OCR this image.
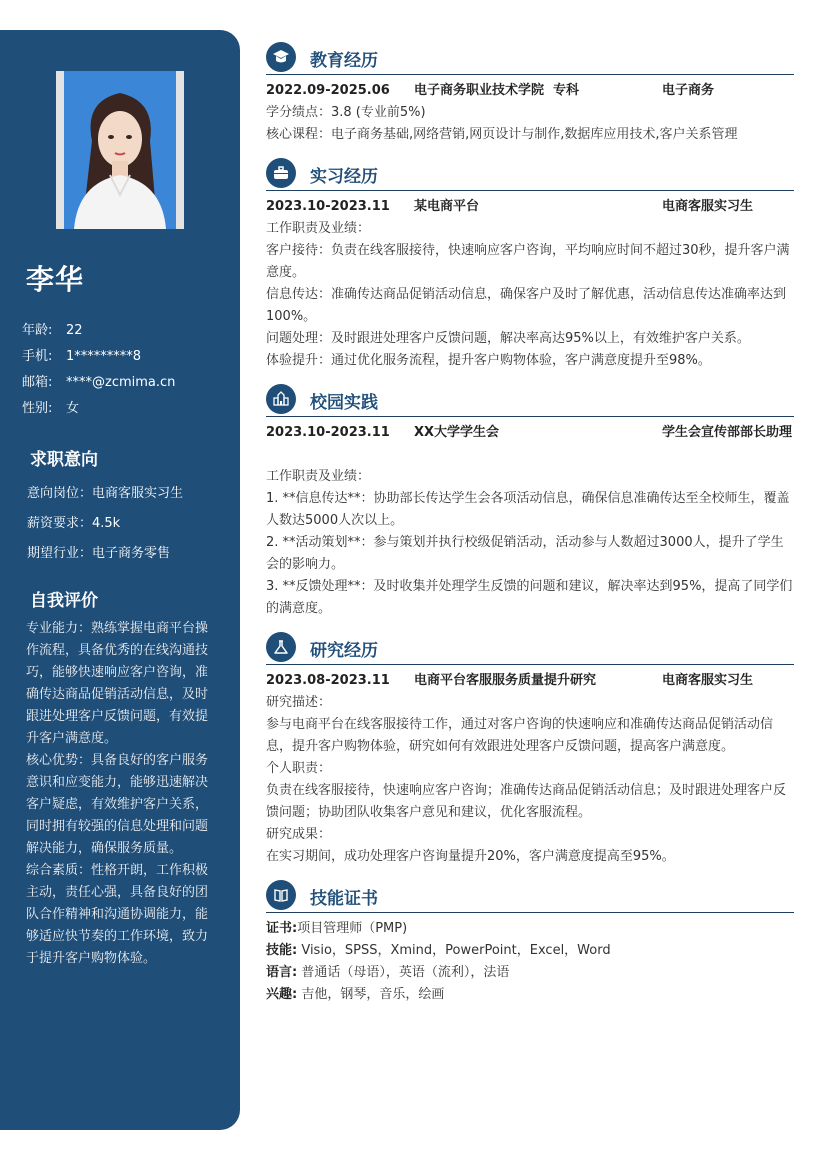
李华
年龄: 22
手机: 1*********8
邮箱: ****@zcmima.cn
性别: 女
求职意向
意向岗位：电商客服实习生
薪资要求：4.5k
期望行业：电子商务零售
自我评价

专业能力：熟练掌握电商平台操作流程，具备优秀的在线沟通技巧，能够快速响应客户咨询，准确传达商品促销活动信息，及时跟进处理客户反馈问题，有效提升客户满意度。

核心优势：具备良好的客户服务意识和应变能力，能够迅速解决客户疑虑，有效维护客户关系，同时拥有较强的信息处理和问题解决能力，确保服务质量。

综合素质：性格开朗，工作积极主动，责任心强，具备良好的团队合作精神和沟通协调能力，能够适应快节奏的工作环境，致力于提升客户购物体验。

教育经历
2022.09-2025.06 电子商务职业技术学院  专科	电子商务

学分绩点：3.8 (专业前5%)

核心课程：电子商务基础,网络营销,网页设计与制作,数据库应用技术,客户关系管理

实习经历
2023.10-2023.11 某电商平台	电商客服实习生

工作职责及业绩：

客户接待：负责在线客服接待，快速响应客户咨询，平均响应时间不超过30秒，提升客户满意度。

信息传达：准确传达商品促销活动信息，确保客户及时了解优惠，活动信息传达准确率达到100%。

问题处理：及时跟进处理客户反馈问题，解决率高达95%以上，有效维护客户关系。

体验提升：通过优化服务流程，提升客户购物体验，客户满意度提升至98%。

校园实践
2023.10-2023.11 XX大学学生会	学生会宣传部部长助理

工作职责及业绩：

1. **信息传达**：协助部长传达学生会各项活动信息，确保信息准确传达至全校师生，覆盖人数达5000人次以上。

2. **活动策划**：参与策划并执行校级促销活动，活动参与人数超过3000人，提升了学生会的影响力。

3. **反馈处理**：及时收集并处理学生反馈的问题和建议，解决率达到95%，提高了同学们的满意度。

研究经历
2023.08-2023.11 电商平台客服服务质量提升研究	电商客服实习生

研究描述：

参与电商平台在线客服接待工作，通过对客户咨询的快速响应和准确传达商品促销活动信息，提升客户购物体验，研究如何有效跟进处理客户反馈问题，提高客户满意度。

个人职责：

负责在线客服接待，快速响应客户咨询；准确传达商品促销活动信息；及时跟进处理客户反馈问题；协助团队收集客户意见和建议，优化客服流程。

研究成果：

在实习期间，成功处理客户咨询量提升20%，客户满意度提高至95%。

技能证书
证书:项目管理师（PMP)
技能: Visio，SPSS，Xmind，PowerPoint，Excel，Word
语言: 普通话（母语），英语（流利），法语
兴趣: 吉他，钢琴，音乐，绘画
